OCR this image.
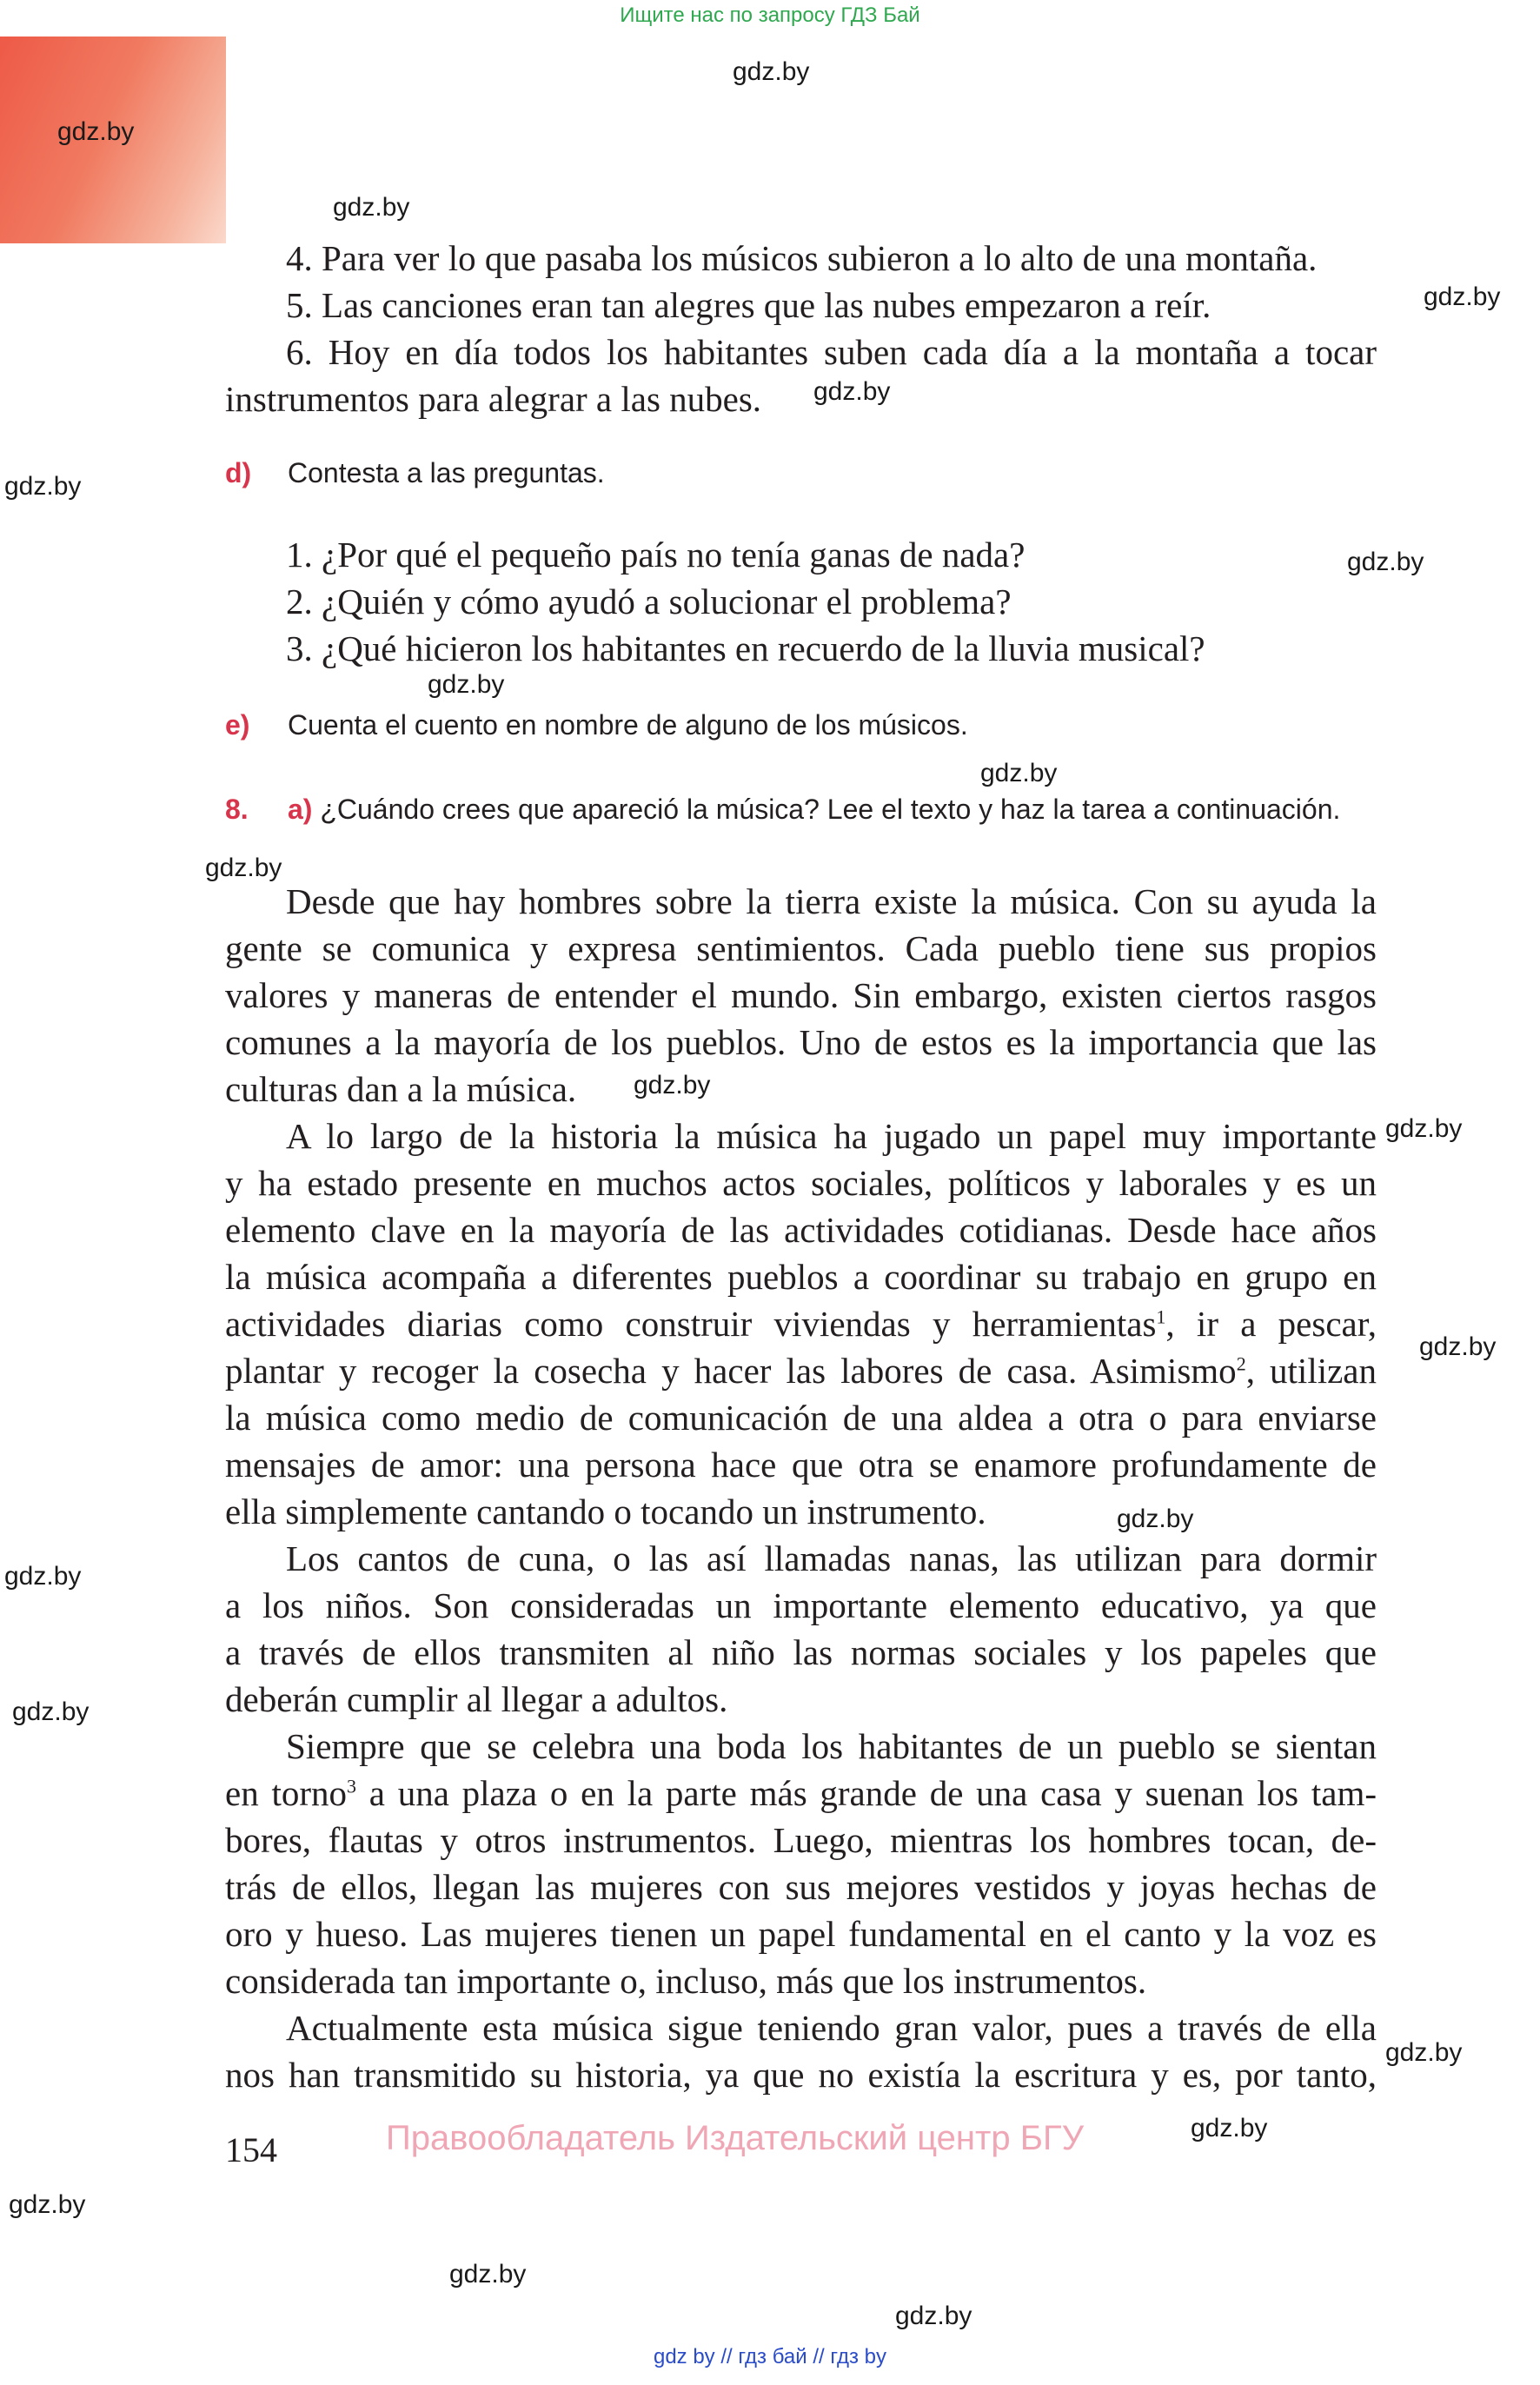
Ищите нас по запросу ГДЗ Бай
gdz.by
gdz.by
gdz.by
gdz.by
gdz.by
gdz.by
gdz.by
gdz.by
gdz.by
gdz.by
gdz.by
gdz.by
gdz.by
gdz.by
gdz.by
gdz.by
gdz.by
gdz.by
gdz.by
gdz.by
gdz.by
4. Para ver lo que pasaba los músicos subieron a lo alto de una montaña.
5. Las canciones eran tan alegres que las nubes empezaron a reír.
6. Hoy en día todos los habitantes suben cada día a la montaña a tocar
instrumentos para alegrar a las nubes.
d) Contesta a las preguntas.
1. ¿Por qué el pequeño país no tenía ganas de nada?
2. ¿Quién y cómo ayudó a solucionar el problema?
3. ¿Qué hicieron los habitantes en recuerdo de la lluvia musical?
e) Cuenta el cuento en nombre de alguno de los músicos.
8. a) ¿Cuándo crees que apareció la música? Lee el texto y haz la tarea a continuación.

Desde que hay hombres sobre la tierra existe la música. Con su ayuda la
gente se comunica y expresa sentimientos. Cada pueblo tiene sus propios
valores y maneras de entender el mundo. Sin embargo, existen ciertos rasgos
comunes a la mayoría de los pueblos. Uno de estos es la importancia que las
culturas dan a la música.

A lo largo de la historia la música ha jugado un papel muy importante
y ha estado presente en muchos actos sociales, políticos y laborales y es un
elemento clave en la mayoría de las actividades cotidianas. Desde hace años
la música acompaña a diferentes pueblos a coordinar su trabajo en grupo en
actividades diarias como construir viviendas y herramientas$^1$, ir a pescar,
plantar y recoger la cosecha y hacer las labores de casa. Asimismo$^2$, utilizan
la música como medio de comunicación de una aldea a otra o para enviarse
mensajes de amor: una persona hace que otra se enamore profundamente de
ella simplemente cantando o tocando un instrumento.

Los cantos de cuna, o las así llamadas nanas, las utilizan para dormir
a los niños. Son consideradas un importante elemento educativo, ya que
a través de ellos transmiten al niño las normas sociales y los papeles que
deberán cumplir al llegar a adultos.

Siempre que se celebra una boda los habitantes de un pueblo se sientan
en torno$^3$ a una plaza o en la parte más grande de una casa y suenan los tam-
bores, flautas y otros instrumentos. Luego, mientras los hombres tocan, de-
trás de ellos, llegan las mujeres con sus mejores vestidos y joyas hechas de
oro y hueso. Las mujeres tienen un papel fundamental en el canto y la voz es
considerada tan importante o, incluso, más que los instrumentos.

Actualmente esta música sigue teniendo gran valor, pues a través de ella
nos han transmitido su historia, ya que no existía la escritura y es, por tanto,

154	Правообладатель Издательский центр БГУ
gdz by // гдз бай // гдз by
